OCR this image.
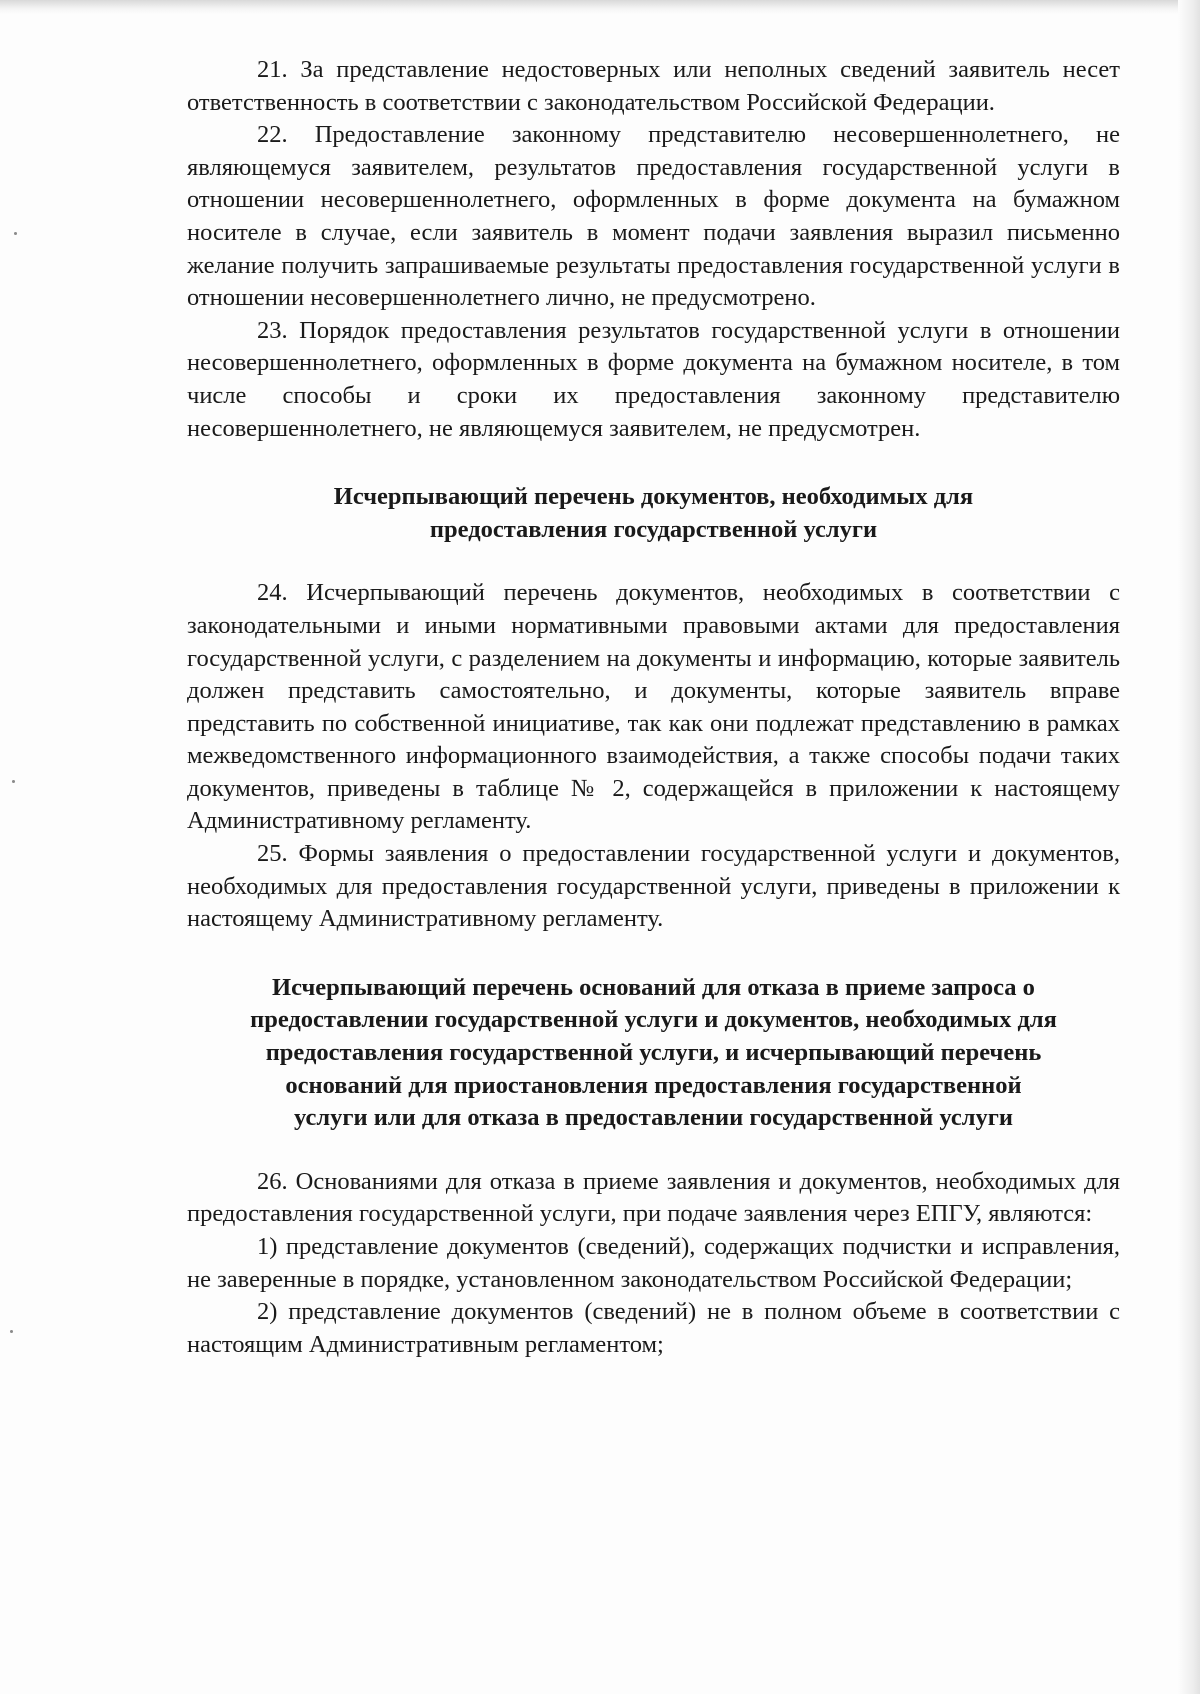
21. За представление недостоверных или неполных сведений заявитель несет ответственность в соответствии с законодательством Российской Федерации.

22. Предоставление законному представителю несовершеннолетнего, не являющемуся заявителем, результатов предоставления государственной услуги в отношении несовершеннолетнего, оформленных в форме документа на бумажном носителе в случае, если заявитель в момент подачи заявления выразил письменно желание получить запрашиваемые результаты предоставления государственной услуги в отношении несовершеннолетнего лично, не предусмотрено.

23. Порядок предоставления результатов государственной услуги в отношении несовершеннолетнего, оформленных в форме документа на бумажном носителе, в том числе способы и сроки их предоставления законному представителю несовершеннолетнего, не являющемуся заявителем, не предусмотрен.

Исчерпывающий перечень документов, необходимых для
предоставления государственной услуги

24. Исчерпывающий перечень документов, необходимых в соответствии с законодательными и иными нормативными правовыми актами для предоставления государственной услуги, с разделением на документы и информацию, которые заявитель должен представить самостоятельно, и документы, которые заявитель вправе представить по собственной инициативе, так как они подлежат представлению в рамках межведомственного информационного взаимодействия, а также способы подачи таких документов, приведены в таблице № 2, содержащейся в приложении к настоящему Административному регламенту.

25. Формы заявления о предоставлении государственной услуги и документов, необходимых для предоставления государственной услуги, приведены в приложении к настоящему Административному регламенту.

Исчерпывающий перечень оснований для отказа в приеме запроса о
предоставлении государственной услуги и документов, необходимых для
предоставления государственной услуги, и исчерпывающий перечень
оснований для приостановления предоставления государственной
услуги или для отказа в предоставлении государственной услуги

26. Основаниями для отказа в приеме заявления и документов, необходимых для предоставления государственной услуги, при подаче заявления через ЕПГУ, являются:

1) представление документов (сведений), содержащих подчистки и исправления, не заверенные в порядке, установленном законодательством Российской Федерации;

2) представление документов (сведений) не в полном объеме в соответствии с настоящим Административным регламентом;
